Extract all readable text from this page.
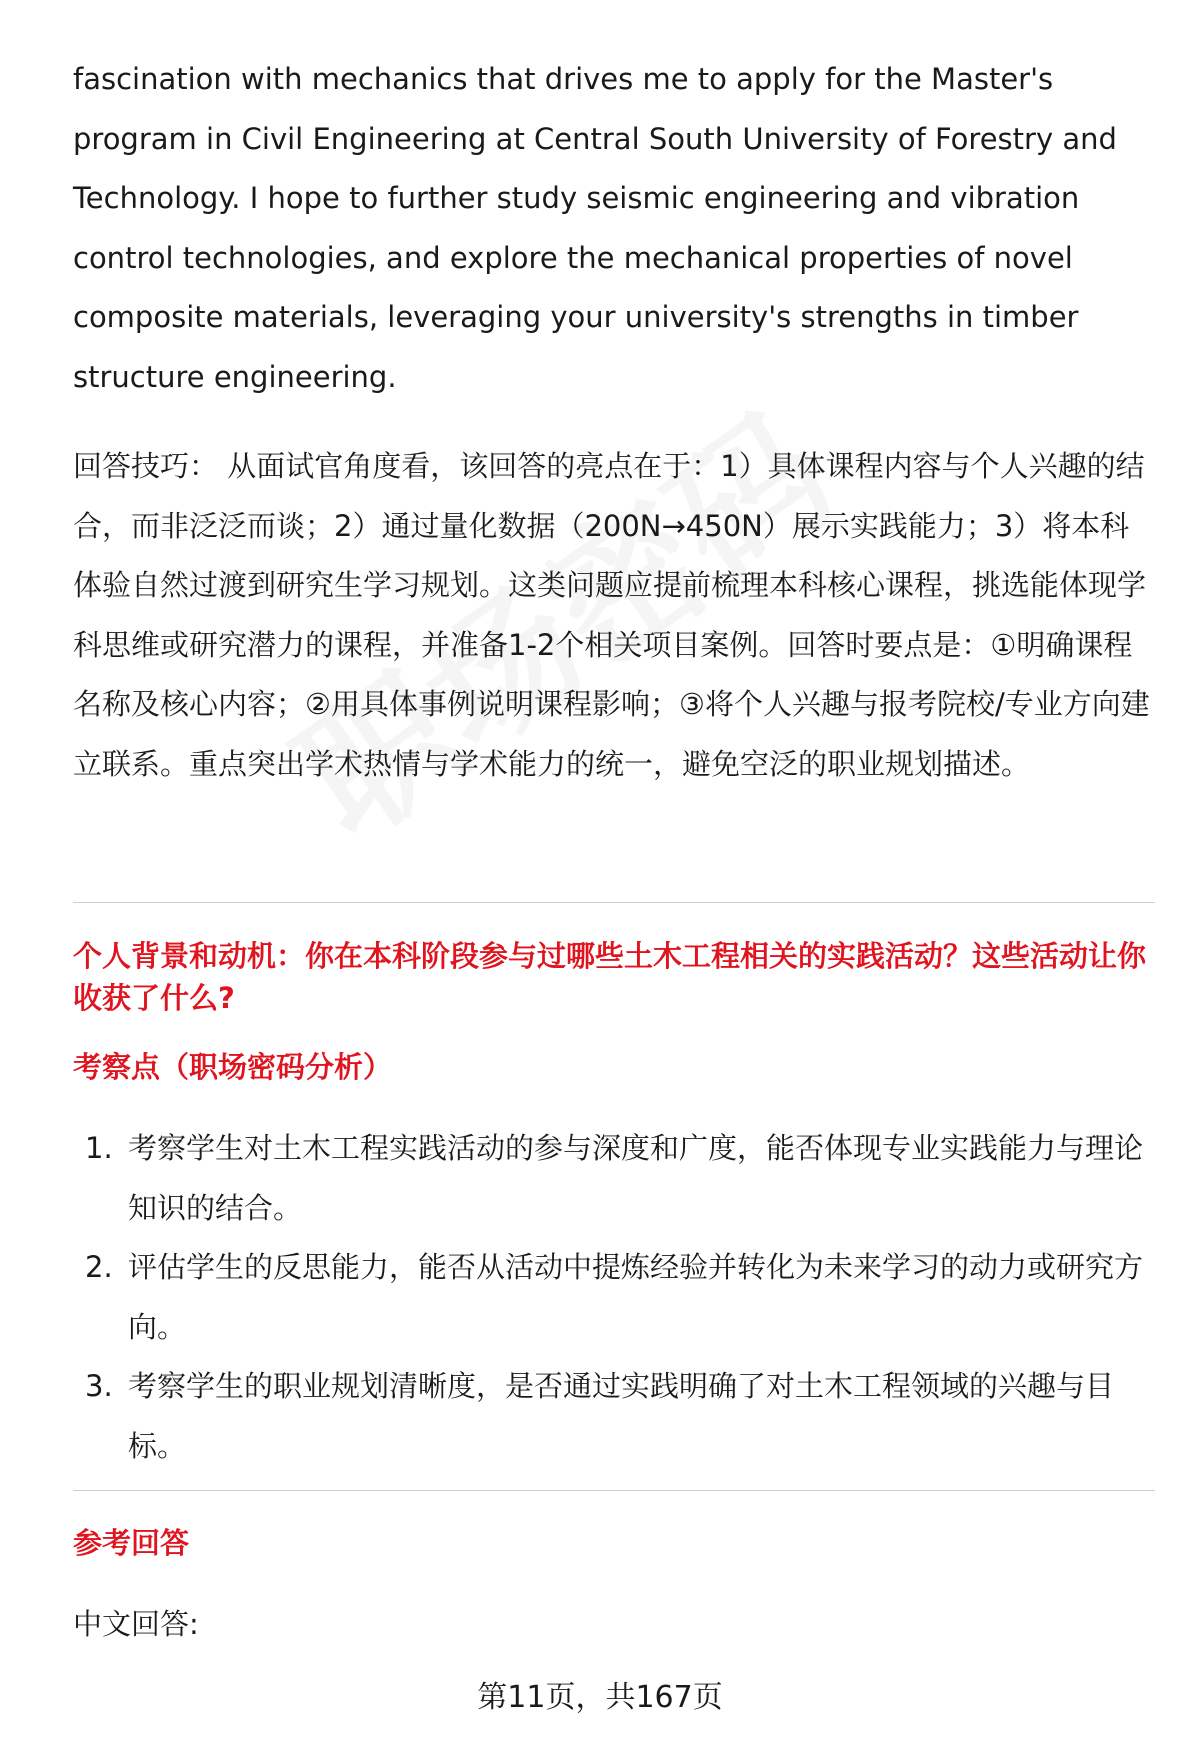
fascination with mechanics that drives me to apply for the Master's program in Civil Engineering at Central South University of Forestry and Technology. I hope to further study seismic engineering and vibration control technologies, and explore the mechanical properties of novel composite materials, leveraging your university's strengths in timber structure engineering.

回答技巧： 从面试官角度看，该回答的亮点在于：1）具体课程内容与个人兴趣的结合，而非泛泛而谈；2）通过量化数据（200N→450N）展示实践能力；3）将本科体验自然过渡到研究生学习规划。这类问题应提前梳理本科核心课程，挑选能体现学科思维或研究潜力的课程，并准备1-2个相关项目案例。回答时要点是：①明确课程名称及核心内容；②用具体事例说明课程影响；③将个人兴趣与报考院校/专业方向建立联系。重点突出学术热情与学术能力的统一，避免空泛的职业规划描述。

个人背景和动机：你在本科阶段参与过哪些土木工程相关的实践活动？这些活动让你收获了什么?

考察点（职场密码分析）

1. 考察学生对土木工程实践活动的参与深度和广度，能否体现专业实践能力与理论知识的结合。
2. 评估学生的反思能力，能否从活动中提炼经验并转化为未来学习的动力或研究方向。
3. 考察学生的职业规划清晰度，是否通过实践明确了对土木工程领域的兴趣与目标。

参考回答

中文回答:

第11页，共167页
